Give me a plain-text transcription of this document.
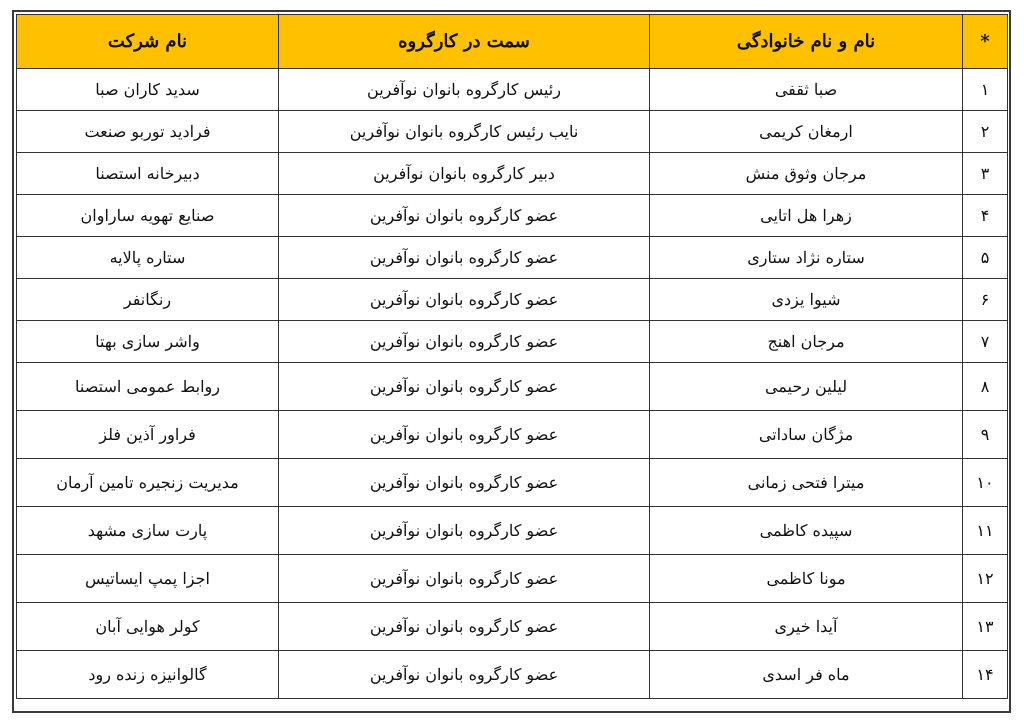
*	نام و نام خانوادگی	سمت در کارگروه	نام شرکت
۱	صبا ثقفی	رئیس کارگروه بانوان نوآفرین	سدید کاران صبا
۲	ارمغان کریمی	نایب رئیس کارگروه بانوان نوآفرین	فرادید توربو صنعت
۳	مرجان وثوق منش	دبیر کارگروه بانوان نوآفرین	دبیرخانه استصنا
۴	زهرا هل اتایی	عضو کارگروه بانوان نوآفرین	صنایع تهویه ساراوان
۵	ستاره نژاد ستاری	عضو کارگروه بانوان نوآفرین	ستاره پالایه
۶	شیوا یزدی	عضو کارگروه بانوان نوآفرین	رنگانفر
۷	مرجان اهنج	عضو کارگروه بانوان نوآفرین	واشر سازی بهتا
۸	لیلین رحیمی	عضو کارگروه بانوان نوآفرین	روابط عمومی استصنا
۹	مژگان ساداتی	عضو کارگروه بانوان نوآفرین	فراور آذین فلز
۱۰	میترا فتحی زمانی	عضو کارگروه بانوان نوآفرین	مدیریت زنجیره تامین آرمان
۱۱	سپیده کاظمی	عضو کارگروه بانوان نوآفرین	پارت سازی مشهد
۱۲	مونا کاظمی	عضو کارگروه بانوان نوآفرین	اجزا پمپ ایساتیس
۱۳	آیدا خیری	عضو کارگروه بانوان نوآفرین	کولر هوایی آبان
۱۴	ماه فر اسدی	عضو کارگروه بانوان نوآفرین	گالوانیزه زنده رود
